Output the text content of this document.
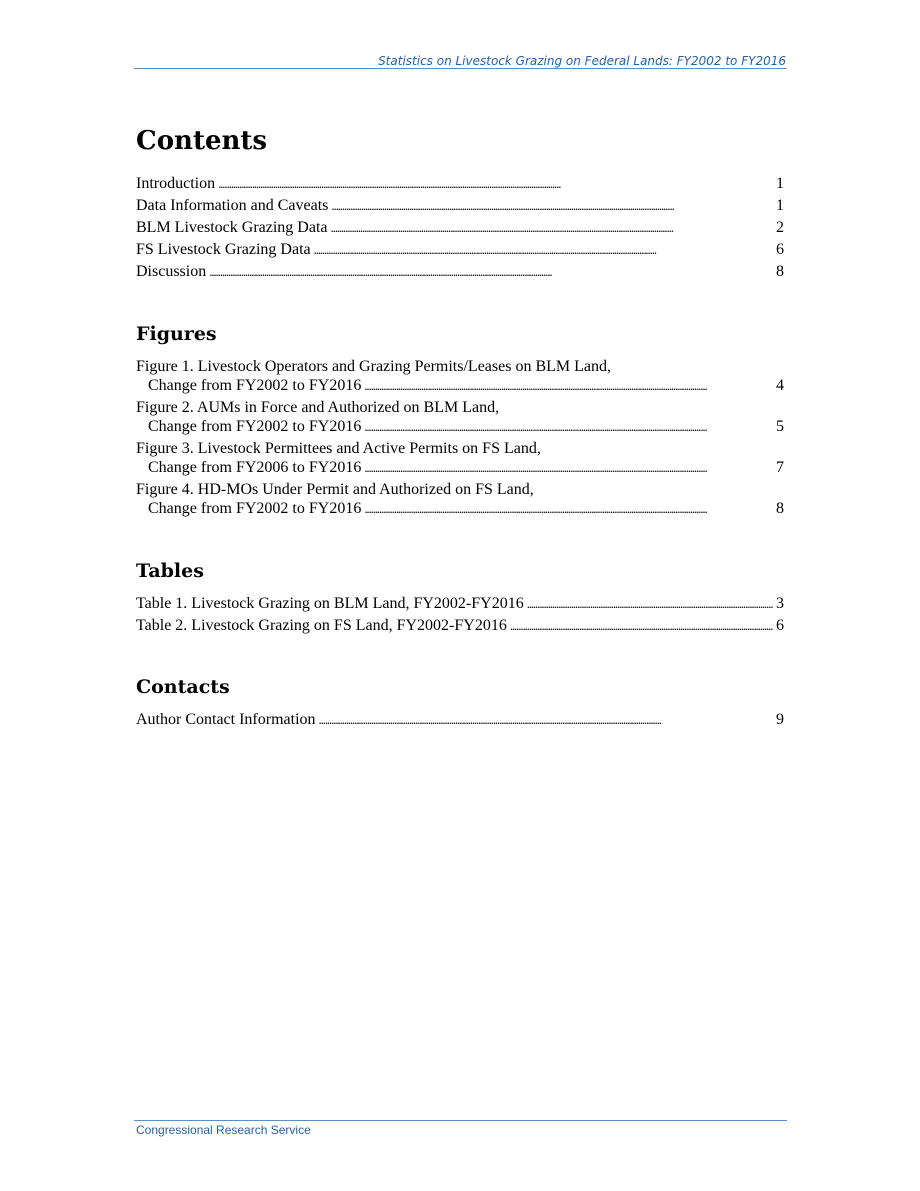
Statistics on Livestock Grazing on Federal Lands: FY2002 to FY2016
Contents
Introduction . . .	1
Data Information and Caveats . . .	1
BLM Livestock Grazing Data . . .	2
FS Livestock Grazing Data . . .	6
Discussion . . .	8
Figures
Figure 1. Livestock Operators and Grazing Permits/Leases on BLM Land,
Change from FY2002 to FY2016 . . .	4
Figure 2. AUMs in Force and Authorized on BLM Land,
Change from FY2002 to FY2016 . . .	5
Figure 3. Livestock Permittees and Active Permits on FS Land,
Change from FY2006 to FY2016 . . .	7
Figure 4. HD-MOs Under Permit and Authorized on FS Land,
Change from FY2002 to FY2016 . . .	8
Tables
Table 1. Livestock Grazing on BLM Land, FY2002-FY2016 . . .	3
Table 2. Livestock Grazing on FS Land, FY2002-FY2016 . . .	6
Contacts
Author Contact Information . . .	9
Congressional Research Service
